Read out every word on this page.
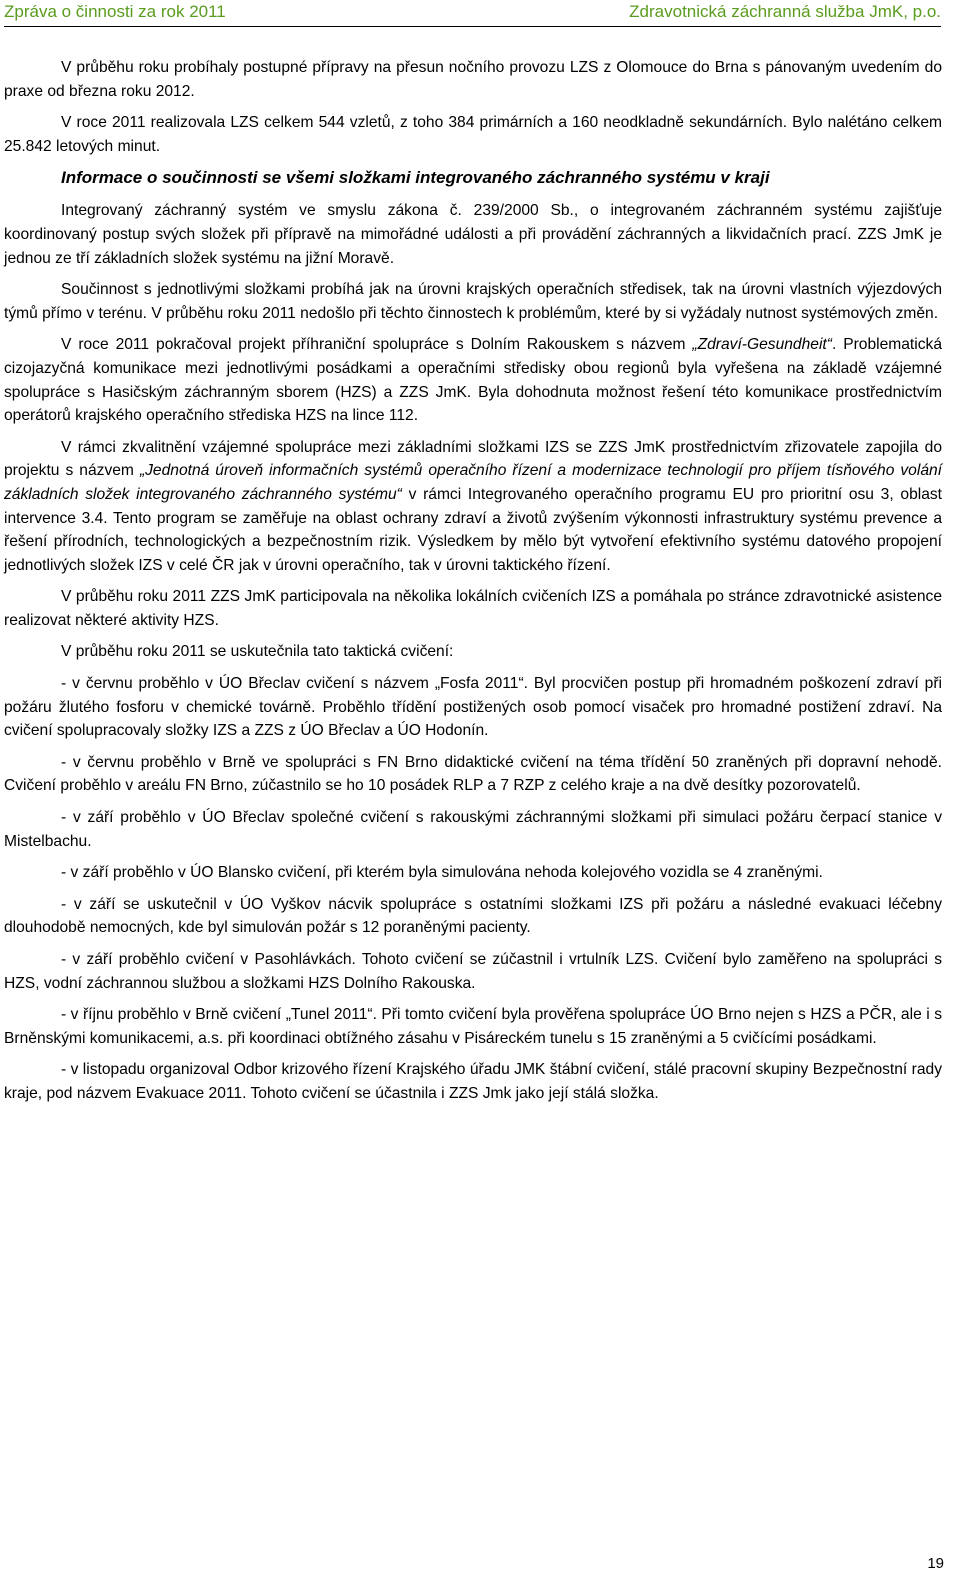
Zpráva o činnosti za rok 2011	Zdravotnická záchranná služba JmK, p.o.

V průběhu roku probíhaly postupné přípravy na přesun nočního provozu LZS z Olomouce do Brna s pánovaným uvedením do praxe od března roku 2012.

V roce 2011 realizovala LZS celkem 544 vzletů, z toho 384 primárních a 160 neodkladně sekundárních. Bylo nalétáno celkem 25.842 letových minut.

Informace o součinnosti se všemi složkami integrovaného záchranného systému v kraji

Integrovaný záchranný systém ve smyslu zákona č. 239/2000 Sb., o integrovaném záchranném systému zajišťuje koordinovaný postup svých složek při přípravě na mimořádné události a při provádění záchranných a likvidačních prací. ZZS JmK je jednou ze tří základních složek systému na jižní Moravě.

Součinnost s jednotlivými složkami probíhá jak na úrovni krajských operačních středisek, tak na úrovni vlastních výjezdových týmů přímo v terénu. V průběhu roku 2011 nedošlo při těchto činnostech k problémům, které by si vyžádaly nutnost systémových změn.

V roce 2011 pokračoval projekt příhraniční spolupráce s Dolním Rakouskem s názvem „Zdraví-Gesundheit“. Problematická cizojazyčná komunikace mezi jednotlivými posádkami a operačními středisky obou regionů byla vyřešena na základě vzájemné spolupráce s Hasičským záchranným sborem (HZS) a ZZS JmK. Byla dohodnuta možnost řešení této komunikace prostřednictvím operátorů krajského operačního střediska HZS na lince 112.

V rámci zkvalitnění vzájemné spolupráce mezi základními složkami IZS se ZZS JmK prostřednictvím zřizovatele zapojila do projektu s názvem „Jednotná úroveň informačních systémů operačního řízení a modernizace technologií pro příjem tísňového volání základních složek integrovaného záchranného systému“ v rámci Integrovaného operačního programu EU pro prioritní osu 3, oblast intervence 3.4. Tento program se zaměřuje na oblast ochrany zdraví a životů zvýšením výkonnosti infrastruktury systému prevence a řešení přírodních, technologických a bezpečnostním rizik. Výsledkem by mělo být vytvoření efektivního systému datového propojení jednotlivých složek IZS v celé ČR jak v úrovni operačního, tak v úrovni taktického řízení.

V průběhu roku 2011 ZZS JmK participovala na několika lokálních cvičeních IZS a pomáhala po stránce zdravotnické asistence realizovat některé aktivity HZS.

V průběhu roku 2011 se uskutečnila tato taktická cvičení:

- v červnu proběhlo v ÚO Břeclav cvičení s názvem „Fosfa 2011“. Byl procvičen postup při hromadném poškození zdraví při požáru žlutého fosforu v chemické továrně. Proběhlo třídění postižených osob pomocí visaček pro hromadné postižení zdraví. Na cvičení spolupracovaly složky IZS a ZZS z ÚO Břeclav a ÚO Hodonín.

- v červnu proběhlo v Brně ve spolupráci s FN Brno didaktické cvičení na téma třídění 50 zraněných při dopravní nehodě. Cvičení proběhlo v areálu FN Brno, zúčastnilo se ho 10 posádek RLP a 7 RZP z celého kraje a na dvě desítky pozorovatelů.

- v září proběhlo v ÚO Břeclav společné cvičení s rakouskými záchrannými složkami při simulaci požáru čerpací stanice v Mistelbachu.

- v září proběhlo v ÚO Blansko cvičení, při kterém byla simulována nehoda kolejového vozidla se 4 zraněnými.

- v září se uskutečnil v ÚO Vyškov nácvik spolupráce s ostatními složkami IZS při požáru a následné evakuaci léčebny dlouhodobě nemocných, kde byl simulován požár s 12 poraněnými pacienty.

- v září proběhlo cvičení v Pasohlávkách. Tohoto cvičení se zúčastnil i vrtulník LZS. Cvičení bylo zaměřeno na spolupráci s HZS, vodní záchrannou službou a složkami HZS Dolního Rakouska.

- v říjnu proběhlo v Brně cvičení „Tunel 2011“. Při tomto cvičení byla prověřena spolupráce ÚO Brno nejen s HZS a PČR, ale i s Brněnskými komunikacemi, a.s. při koordinaci obtížného zásahu v Pisáreckém tunelu s 15 zraněnými a 5 cvičícími posádkami.

- v listopadu organizoval Odbor krizového řízení Krajského úřadu JMK štábní cvičení, stálé pracovní skupiny Bezpečnostní rady kraje, pod názvem Evakuace 2011. Tohoto cvičení se účastnila i ZZS Jmk jako její stálá složka.

19
